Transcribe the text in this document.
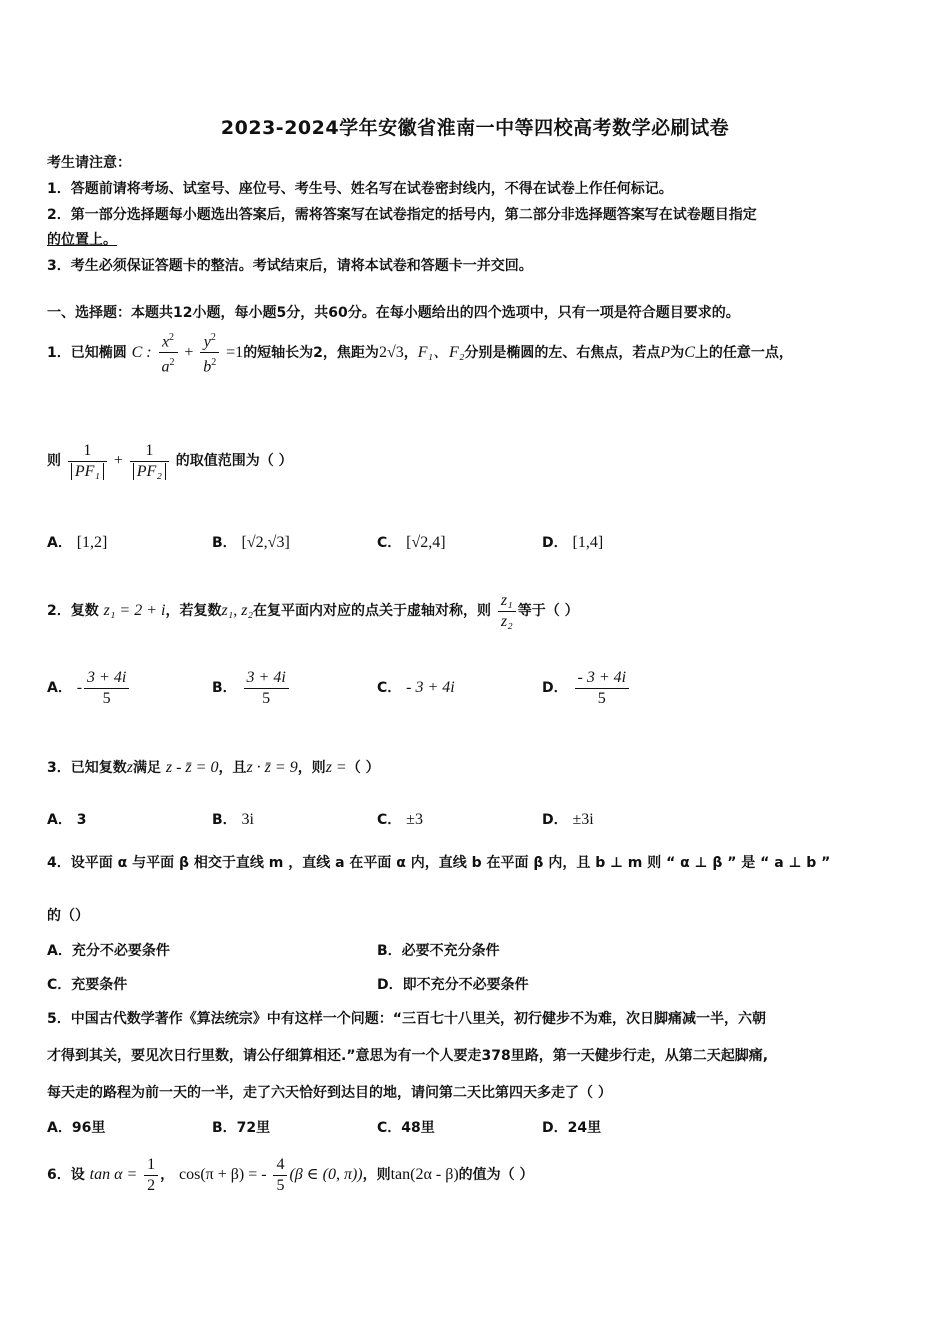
2023-2024学年安徽省淮南一中等四校高考数学必刷试卷
考生请注意：
1．答题前请将考场、试室号、座位号、考生号、姓名写在试卷密封线内，不得在试卷上作任何标记。
2．第一部分选择题每小题选出答案后，需将答案写在试卷指定的括号内，第二部分非选择题答案写在试卷题目指定
的位置上。
3．考生必须保证答题卡的整洁。考试结束后，请将本试卷和答题卡一并交回。
一、选择题：本题共12小题，每小题5分，共60分。在每小题给出的四个选项中，只有一项是符合题目要求的。
1．已知椭圆 C : $\frac{x^2}{a^2} + \frac{y^2}{b^2} =1$的短轴长为2，焦距为2√3，F₁、F₂分别是椭圆的左、右焦点，若点P为C上的任意一点，
则 $\frac{1}{\text{PF₁}} + \frac{1}{\text{PF₂}}$ 的取值范围为（ ）
A． [1,2]	B． [√2,√3]	C． [√2,4]	D． [1,4]
2．复数 z₁ = 2 + i，若复数z₁, z₂在复平面内对应的点关于虚轴对称，则 $\frac{\text{z₁}}{\text{z₂}}$ 等于（ ）
A． - $\frac{3 + 4i}{5}$	B． $\frac{3 + 4i}{5}$	C． - 3 + 4i	D． $\frac{- 3 + 4i}{5}$
3．已知复数z满足 z - z̄ = 0，且z · z̄ = 9，则z =（ ）
A． 3	B． 3i	C． ±3	D． ±3i
4．设平面 α 与平面 β 相交于直线 m ，直线 a 在平面 α 内，直线 b 在平面 β 内，且 b ⊥ m 则 “ α ⊥ β ” 是 “ a ⊥ b ”
的（）
A．充分不必要条件	B．必要不充分条件
C．充要条件	D．即不充分不必要条件
5．中国古代数学著作《算法统宗》中有这样一个问题：“三百七十八里关，初行健步不为难，次日脚痛减一半，六朝
才得到其关，要见次日行里数，请公仔细算相还.”意思为有一个人要走378里路，第一天健步行走，从第二天起脚痛,
每天走的路程为前一天的一半，走了六天恰好到达目的地，请问第二天比第四天多走了（ ）
A．96里	B．72里	C．48里	D．24里
6．设 $\tan \alpha = \frac{1}{2}$ ， cos(π + β) = - $\frac{4}{5} (\beta$ ∈ (0, π))，则tan(2α - β)的值为（ ）
